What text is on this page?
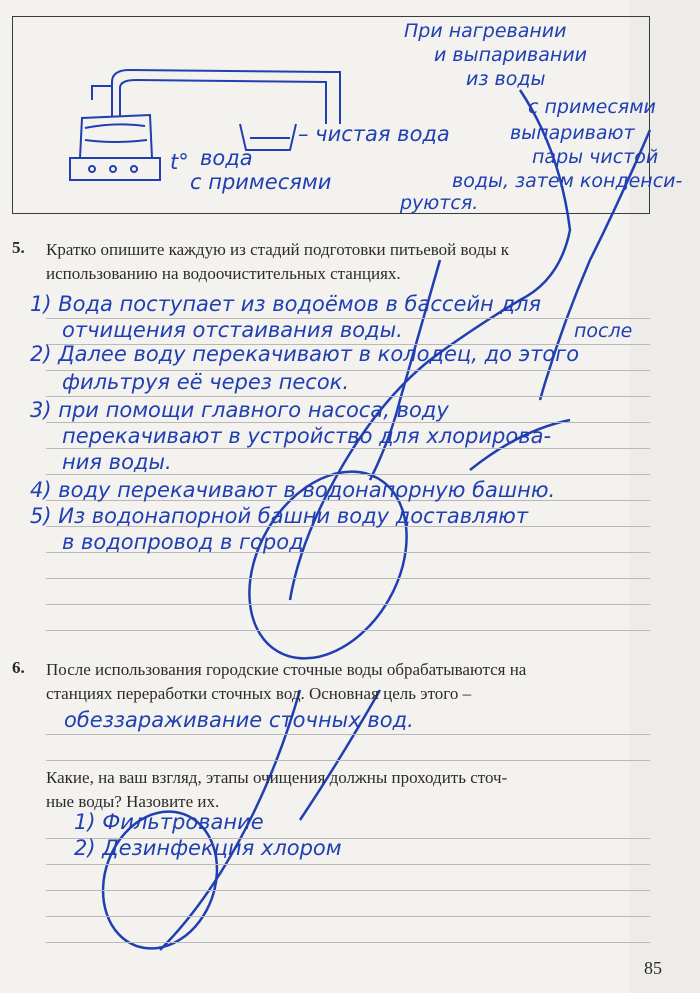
При нагревании
и выпаривании
из воды
с примесями
выпаривают
пары чистой
воды, затем конденси-
руются.
– чистая вода
t° вода
с примесями
5. Кратко опишите каждую из стадий подготовки питьевой воды к
использованию на водоочистительных станциях.
1) Вода поступает из водоёмов в бассейн для
отчищения отстаивания воды.
2) Далее воду перекачивают в колодец, до этого
после
фильтруя её через песок.
3) при помощи главного насоса, воду
перекачивают в устройство для хлорирова-
ния воды.
4) воду перекачивают в водонапорную башню.
5) Из водонапорной башни воду доставляют
в водопровод в город
6. После использования городские сточные воды обрабатываются на
станциях переработки сточных вод. Основная цель этого –
обеззараживание сточных вод.
Какие, на ваш взгляд, этапы очищения должны проходить сточ-
ные воды? Назовите их.
1) Фильтрование
2) Дезинфекция хлором
85
